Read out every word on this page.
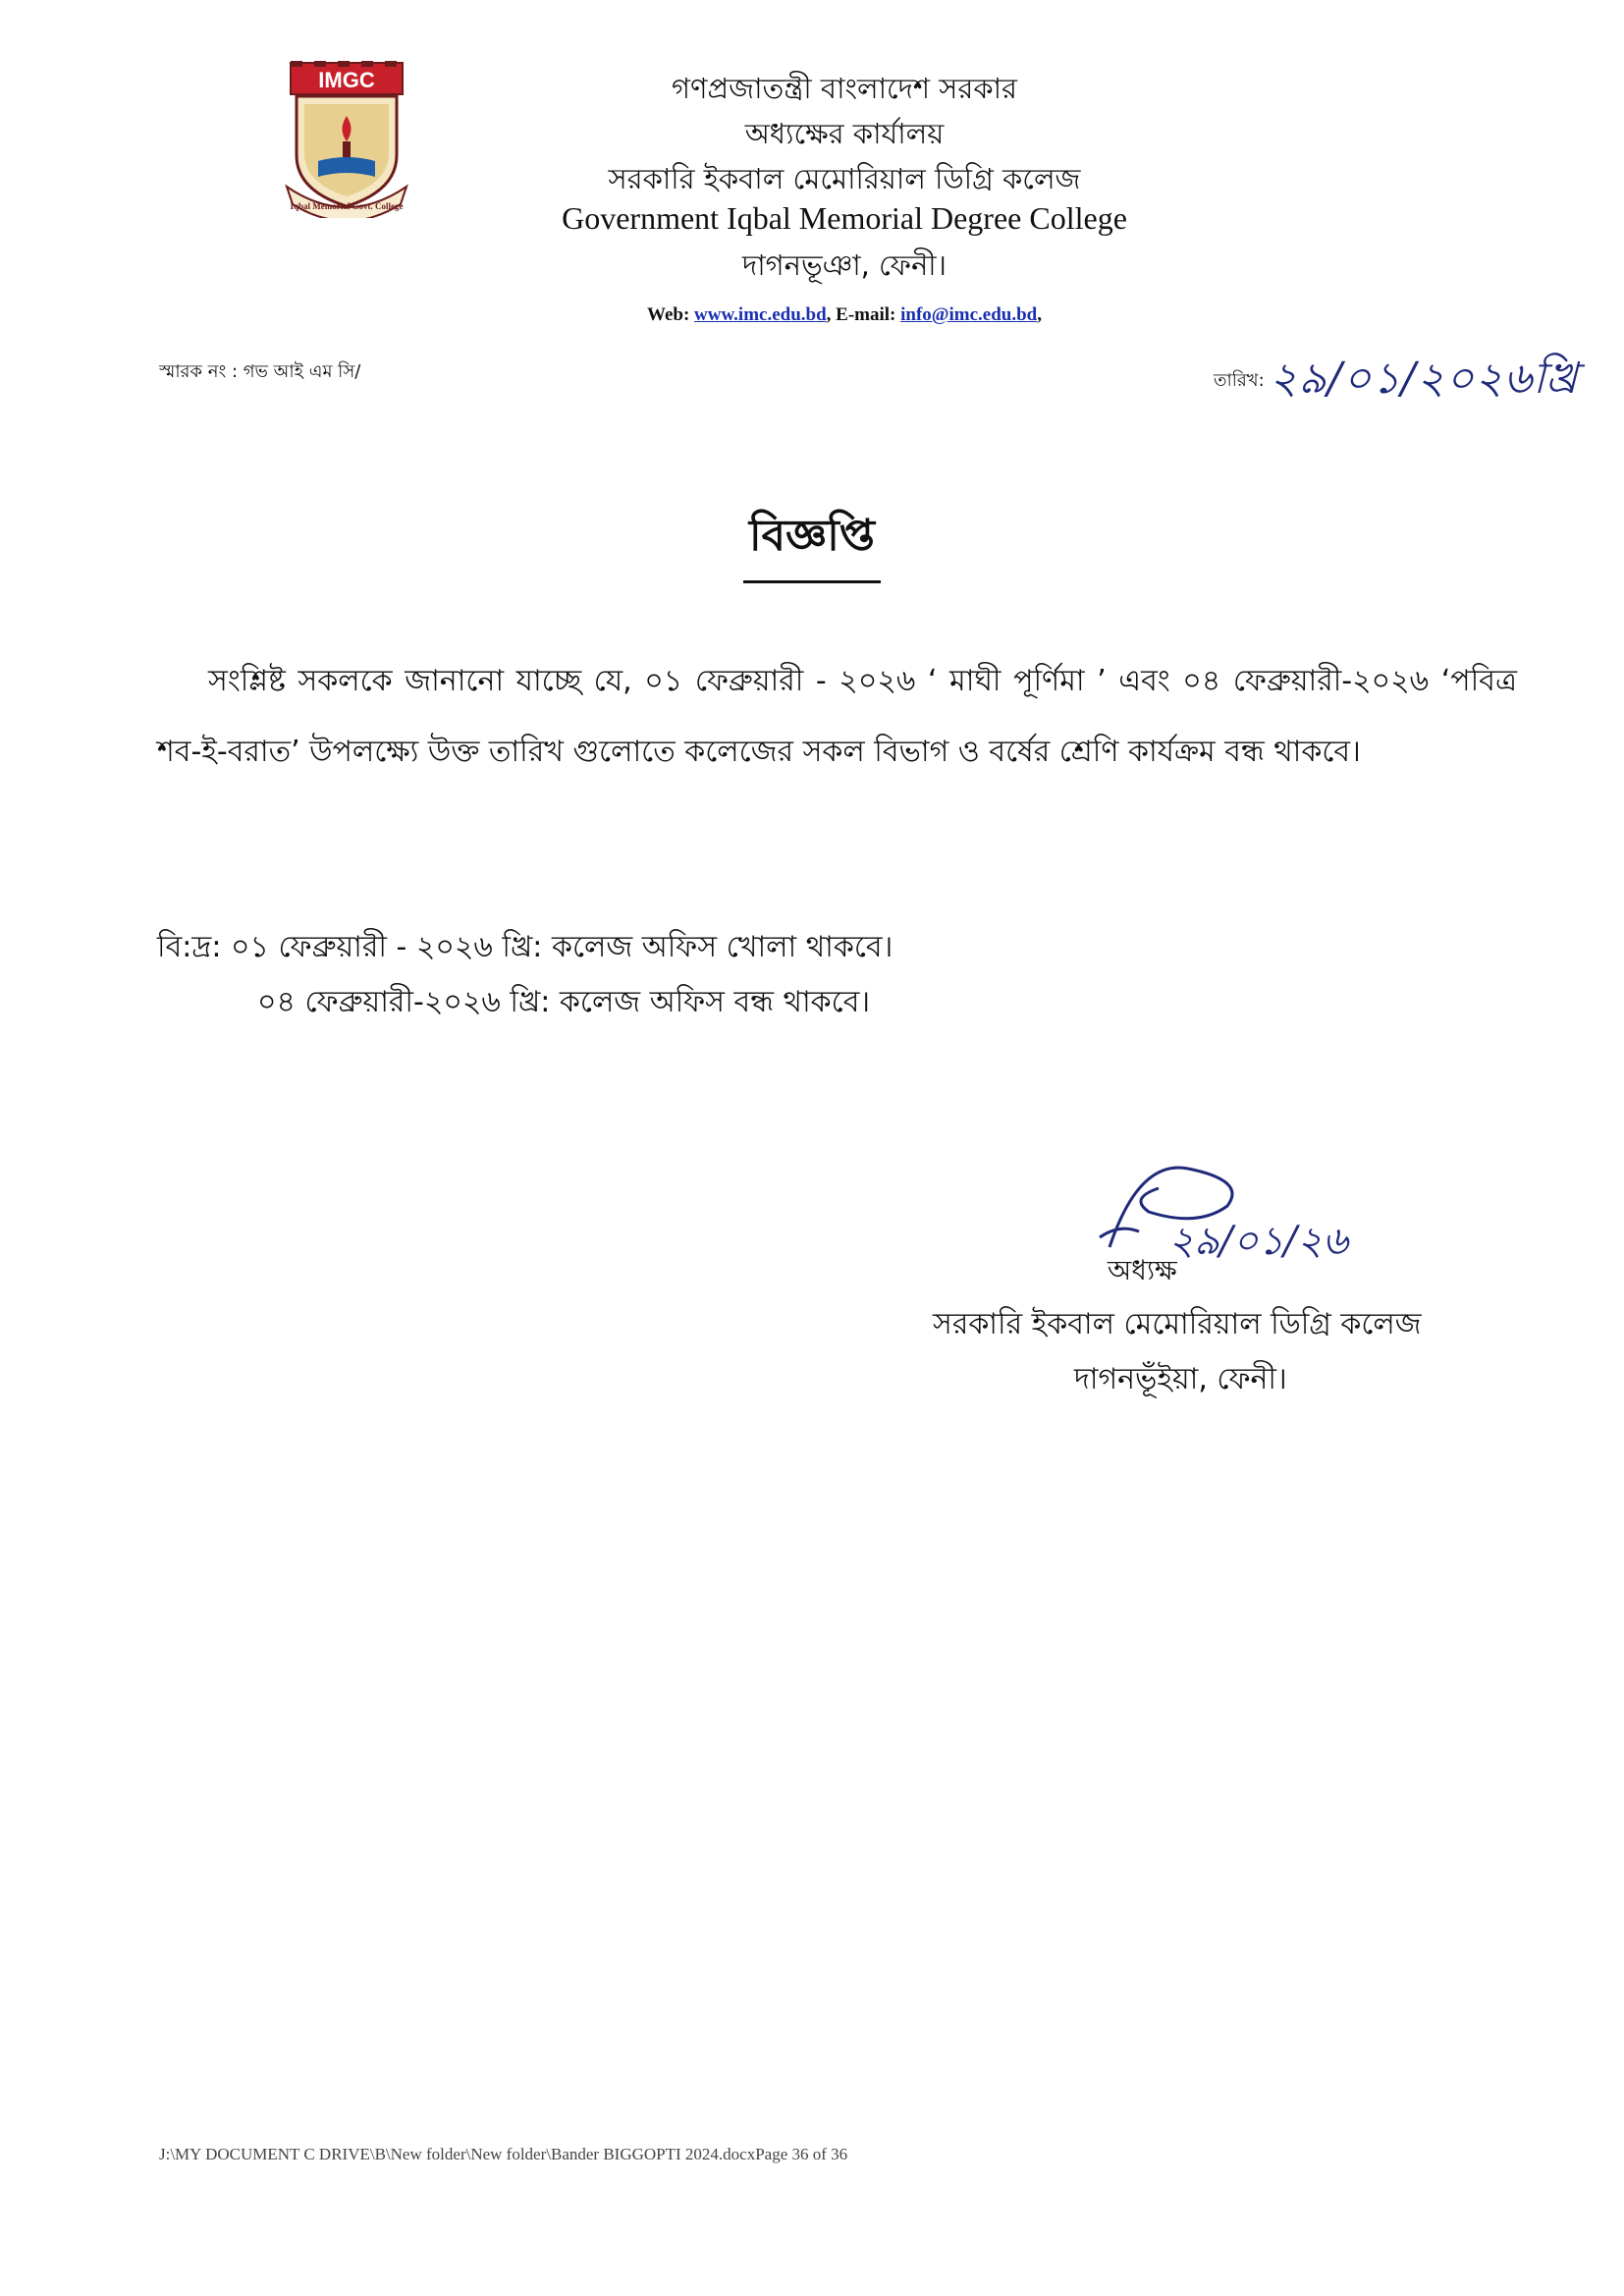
IMGC
Iqbal Memorial Govt. College
গণপ্রজাতন্ত্রী বাংলাদেশ সরকার
অধ্যক্ষের কার্যালয়
সরকারি ইকবাল মেমোরিয়াল ডিগ্রি কলেজ
Government Iqbal Memorial Degree College
দাগনভূঞা, ফেনী।
Web: www.imc.edu.bd, E-mail: info@imc.edu.bd,
স্মারক নং : গভ আই এম সি/	তারিখ: ২৯/০১/২০২৬খ্রি
বিজ্ঞপ্তি
সংশ্লিষ্ট সকলকে জানানো যাচ্ছে যে, ০১ ফেব্রুয়ারী - ২০২৬ ‘ মাঘী পূর্ণিমা ’ এবং ০৪ ফেব্রুয়ারী-২০২৬ ‘পবিত্র শব-ই-বরাত’ উপলক্ষ্যে উক্ত তারিখ গুলোতে কলেজের সকল বিভাগ ও বর্ষের শ্রেণি কার্যক্রম বন্ধ থাকবে।
বি:দ্র: ০১ ফেব্রুয়ারী - ২০২৬ খ্রি: কলেজ অফিস খোলা থাকবে।
০৪ ফেব্রুয়ারী-২০২৬ খ্রি: কলেজ অফিস বন্ধ থাকবে।
২৯/০১/২৬
অধ্যক্ষ
সরকারি ইকবাল মেমোরিয়াল ডিগ্রি কলেজ
দাগনভূঁইয়া, ফেনী।
J:\MY DOCUMENT C DRIVE\B\New folder\New folder\Bander BIGGOPTI 2024.docxPage 36 of 36
